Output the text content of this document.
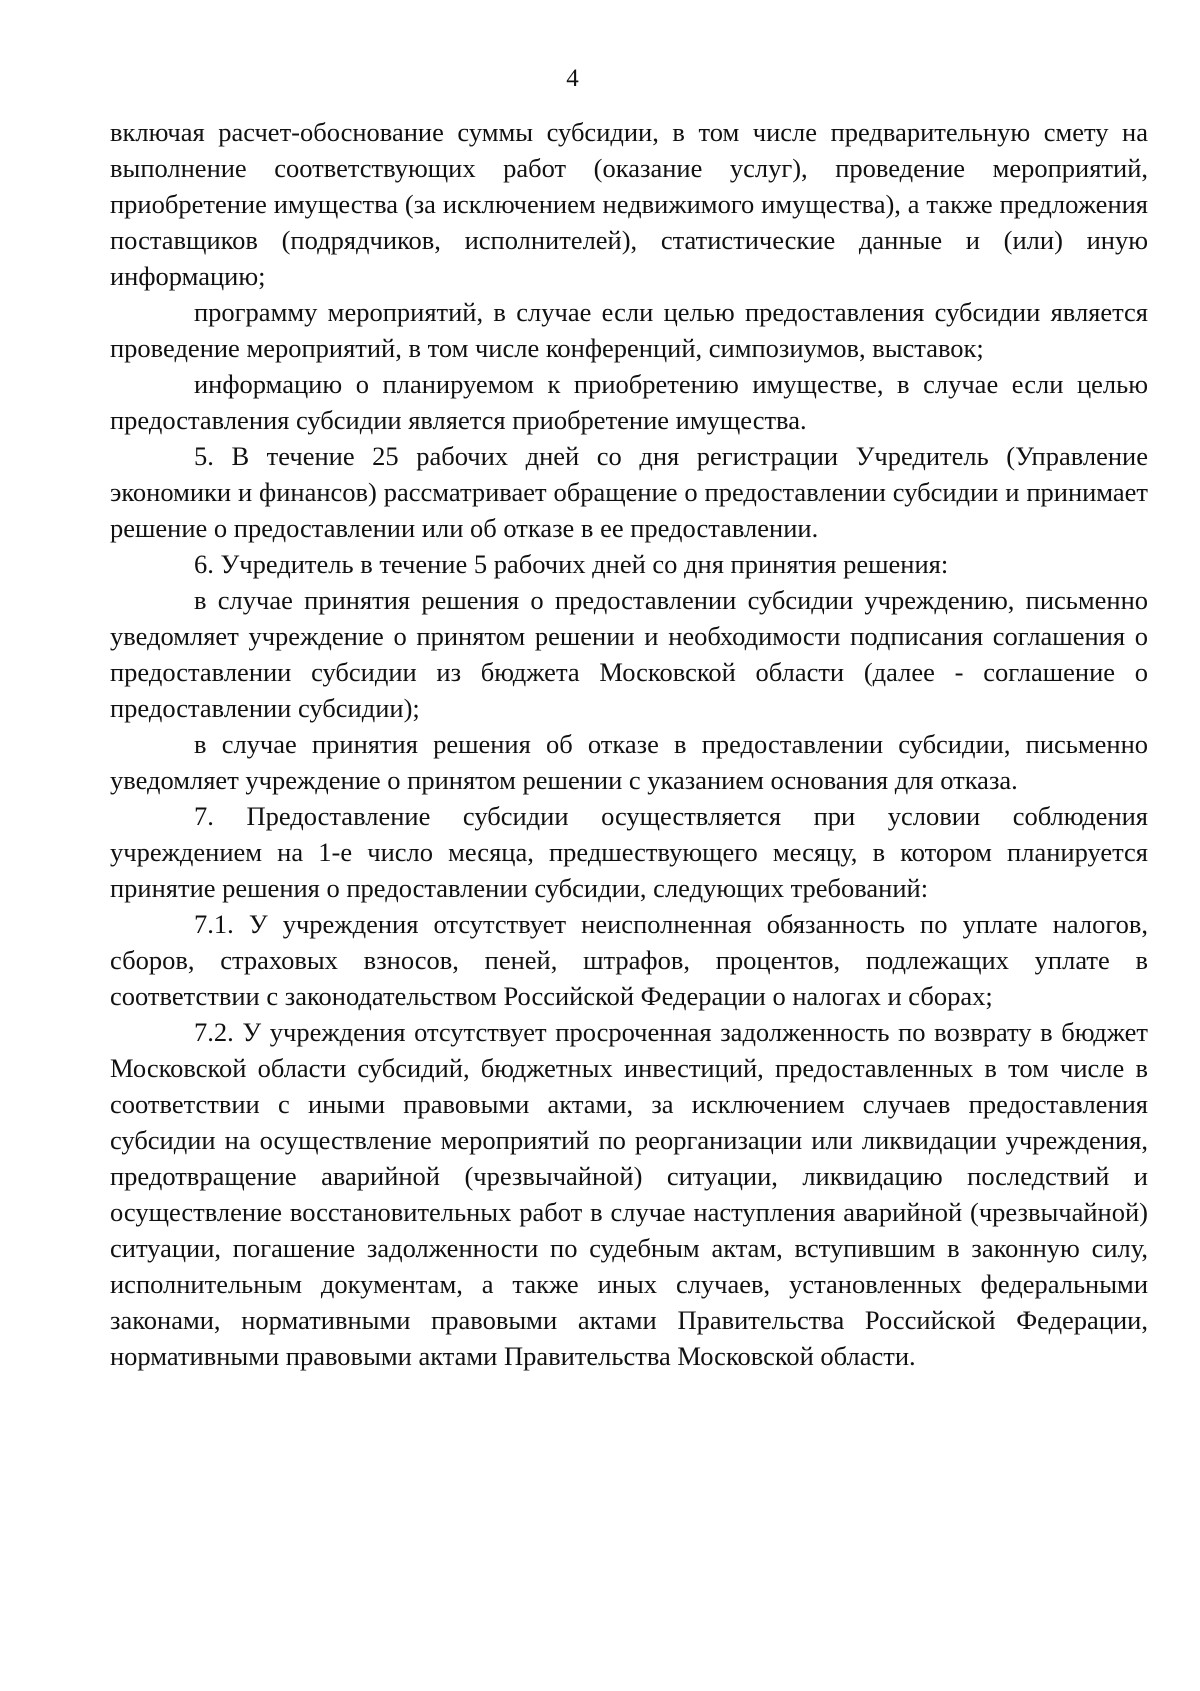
4

включая расчет-обоснование суммы субсидии, в том числе предварительную смету на выполнение соответствующих работ (оказание услуг), проведение мероприятий, приобретение имущества (за исключением недвижимого имущества), а также предложения поставщиков (подрядчиков, исполнителей), статистические данные и (или) иную информацию;

программу мероприятий, в случае если целью предоставления субсидии является проведение мероприятий, в том числе конференций, симпозиумов, выставок;

информацию о планируемом к приобретению имуществе, в случае если целью предоставления субсидии является приобретение имущества.

5. В течение 25 рабочих дней со дня регистрации Учредитель (Управление экономики и финансов) рассматривает обращение о предоставлении субсидии и принимает решение о предоставлении или об отказе в ее предоставлении.

6. Учредитель в течение 5 рабочих дней со дня принятия решения:

в случае принятия решения о предоставлении субсидии учреждению, письменно уведомляет учреждение о принятом решении и необходимости подписания соглашения о предоставлении субсидии из бюджета Московской области (далее - соглашение о предоставлении субсидии);

в случае принятия решения об отказе в предоставлении субсидии, письменно уведомляет учреждение о принятом решении с указанием основания для отказа.

7. Предоставление субсидии осуществляется при условии соблюдения учреждением на 1-е число месяца, предшествующего месяцу, в котором планируется принятие решения о предоставлении субсидии, следующих требований:

7.1. У учреждения отсутствует неисполненная обязанность по уплате налогов, сборов, страховых взносов, пеней, штрафов, процентов, подлежащих уплате в соответствии с законодательством Российской Федерации о налогах и сборах;

7.2. У учреждения отсутствует просроченная задолженность по возврату в бюджет Московской области субсидий, бюджетных инвестиций, предоставленных в том числе в соответствии с иными правовыми актами, за исключением случаев предоставления субсидии на осуществление мероприятий по реорганизации или ликвидации учреждения, предотвращение аварийной (чрезвычайной) ситуации, ликвидацию последствий и осуществление восстановительных работ в случае наступления аварийной (чрезвычайной) ситуации, погашение задолженности по судебным актам, вступившим в законную силу, исполнительным документам, а также иных случаев, установленных федеральными законами, нормативными правовыми актами Правительства Российской Федерации, нормативными правовыми актами Правительства Московской области.
